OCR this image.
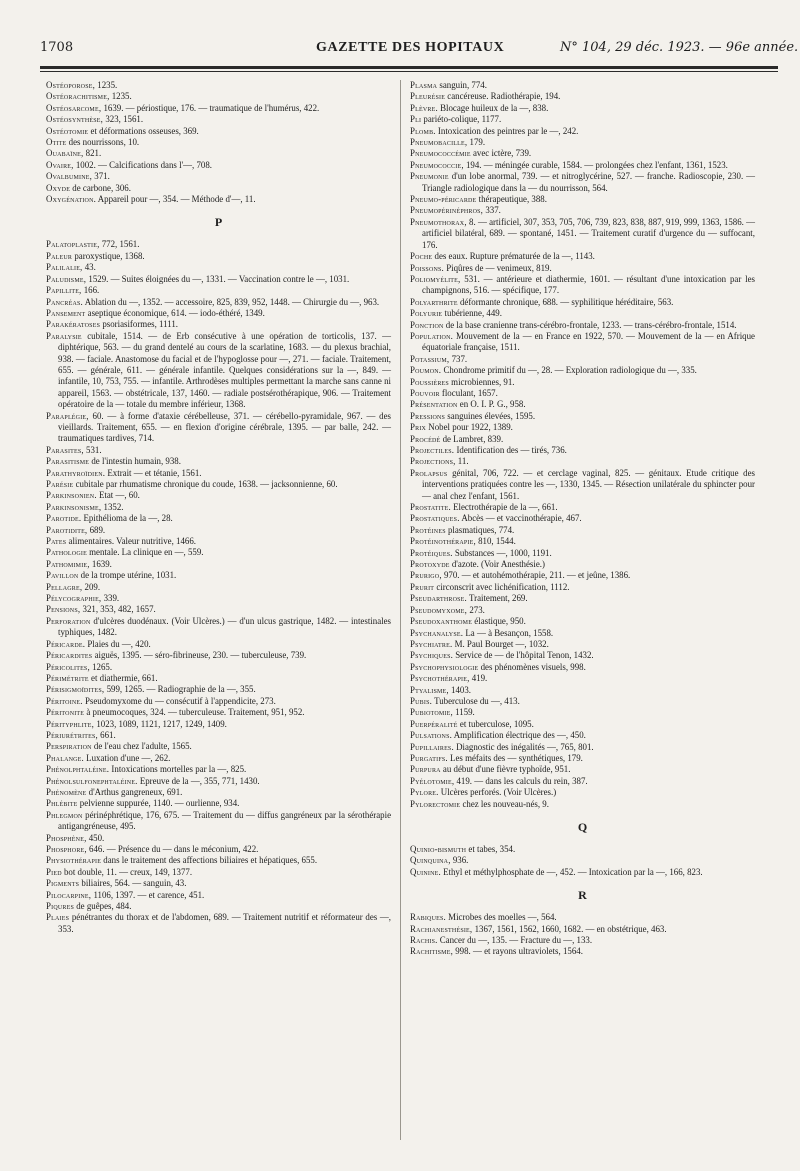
1708	GAZETTE DES HOPITAUX	N° 104, 29 déc. 1923. — 96e année.

Ostéoporose, 1235.

Ostéorachitisme, 1235.

Ostéosarcome, 1639. — périostique, 176. — traumatique de l'humérus, 422.

Ostéosynthèse, 323, 1561.

Ostéotomie et déformations osseuses, 369.

Otite des nourrissons, 10.

Ouabaïne, 821.

Ovaire, 1002. — Calcifications dans l'—, 708.

Ovalbumine, 371.

Oxyde de carbone, 306.

Oxygénation. Appareil pour —, 354. — Méthode d'—, 11.

P

Palatoplastie, 772, 1561.

Paleur paroxystique, 1368.

Palilalie, 43.

Paludisme, 1529. — Suites éloignées du —, 1331. — Vaccination contre le —, 1031.

Papillite, 166.

Pancréas. Ablation du —, 1352. — accessoire, 825, 839, 952, 1448. — Chirurgie du —, 963.

Pansement aseptique économique, 614. — iodo-éthéré, 1349.

Parakératoses psoriasiformes, 1111.

Paralysie cubitale, 1514. — de Erb consécutive à une opération de torticolis, 137. — diphtérique, 563. — du grand dentelé au cours de la scarlatine, 1683. — du plexus brachial, 938. — faciale. Anastomose du facial et de l'hypoglosse pour —, 271. — faciale. Traitement, 655. — générale, 611. — générale infantile. Quelques considérations sur la —, 849. — infantile, 10, 753, 755. — infantile. Arthrodèses multiples permettant la marche sans canne ni appareil, 1563. — obstétricale, 137, 1460. — radiale postsérothérapique, 906. — Traitement opératoire de la — totale du membre inférieur, 1368.

Paraplégie, 60. — à forme d'ataxie cérébelleuse, 371. — cérébello-pyramidale, 967. — des vieillards. Traitement, 655. — en flexion d'origine cérébrale, 1395. — par balle, 242. — traumatiques tardives, 714.

Parasites, 531.

Parasitisme de l'intestin humain, 938.

Parathyroïdien. Extrait — et tétanie, 1561.

Parésie cubitale par rhumatisme chronique du coude, 1638. — jacksonnienne, 60.

Parkinsonien. Etat —, 60.

Parkinsonisme, 1352.

Parotide. Epithélioma de la —, 28.

Parotidite, 689.

Pates alimentaires. Valeur nutritive, 1466.

Pathologie mentale. La clinique en —, 559.

Pathomimie, 1639.

Pavillon de la trompe utérine, 1031.

Pellagre, 209.

Pélycographie, 339.

Pensions, 321, 353, 482, 1657.

Perforation d'ulcères duodénaux. (Voir Ulcères.) — d'un ulcus gastrique, 1482. — intestinales typhiques, 1482.

Péricarde. Plaies du —, 420.

Péricardites aiguës, 1395. — séro-fibrineuse, 230. — tuberculeuse, 739.

Péricolites, 1265.

Périmétrite et diathermie, 661.

Périsigmoïdites, 599, 1265. — Radiographie de la —, 355.

Péritoine. Pseudomyxome du — consécutif à l'appendicite, 273.

Péritonite à pneumocoques, 324. — tuberculeuse. Traitement, 951, 952.

Pérityphlite, 1023, 1089, 1121, 1217, 1249, 1409.

Périurétrites, 661.

Perspiration de l'eau chez l'adulte, 1565.

Phalange. Luxation d'une —, 262.

Phénolphtaléine. Intoxications mortelles par la —, 825.

Phénolsulfonephtaléine. Epreuve de la —, 355, 771, 1430.

Phénomène d'Arthus gangreneux, 691.

Phlébite pelvienne suppurée, 1140. — ourlienne, 934.

Phlegmon périnéphrétique, 176, 675. — Traitement du — diffus gangréneux par la sérothérapie antigangréneuse, 495.

Phosphène, 450.

Phosphore, 646. — Présence du — dans le méconium, 422.

Physiothérapie dans le traitement des affections biliaires et hépatiques, 655.

Pied bot double, 11. — creux, 149, 1377.

Pigments biliaires, 564. — sanguin, 43.

Pilocarpine, 1106, 1397. — et carence, 451.

Piqures de guêpes, 484.

Plaies pénétrantes du thorax et de l'abdomen, 689. — Traitement nutritif et réformateur des —, 353.

Plasma sanguin, 774.

Pleurésie cancéreuse. Radiothérapie, 194.

Plèvre. Blocage huileux de la —, 838.

Pli pariéto-colique, 1177.

Plomb. Intoxication des peintres par le —, 242.

Pneumobacille, 179.

Pneumococcémie avec ictère, 739.

Pneumococcie, 194. — méningée curable, 1584. — prolongées chez l'enfant, 1361, 1523.

Pneumonie d'un lobe anormal, 739. — et nitroglycérine, 527. — franche. Radioscopie, 230. — Triangle radiologique dans la — du nourrisson, 564.

Pneumo-péricarde thérapeutique, 388.

Pneumopérinéphros, 337.

Pneumothorax, 8. — artificiel, 307, 353, 705, 706, 739, 823, 838, 887, 919, 999, 1363, 1586. — artificiel bilatéral, 689. — spontané, 1451. — Traitement curatif d'urgence du — suffocant, 176.

Poche des eaux. Rupture prématurée de la —, 1143.

Poissons. Piqûres de — venimeux, 819.

Poliomyélite, 531. — antérieure et diathermie, 1601. — résultant d'une intoxication par les champignons, 516. — spécifique, 177.

Polyarthrite déformante chronique, 688. — syphilitique héréditaire, 563.

Polyurie tubérienne, 449.

Ponction de la base cranienne trans-cérébro-frontale, 1233. — trans-cérébro-frontale, 1514.

Population. Mouvement de la — en France en 1922, 570. — Mouvement de la — en Afrique équatoriale française, 1511.

Potassium, 737.

Poumon. Chondrome primitif du —, 28. — Exploration radiologique du —, 335.

Poussières microbiennes, 91.

Pouvoir floculant, 1657.

Présentation en O. I. P. G., 958.

Pressions sanguines élevées, 1595.

Prix Nobel pour 1922, 1389.

Procédé de Lambret, 839.

Projectiles. Identification des — tirés, 736.

Projections, 11.

Prolapsus génital, 706, 722. — et cerclage vaginal, 825. — génitaux. Etude critique des interventions pratiquées contre les —, 1330, 1345. — Résection unilatérale du sphincter pour — anal chez l'enfant, 1561.

Prostatite. Electrothérapie de la —, 661.

Prostatiques. Abcès — et vaccinothérapie, 467.

Protéines plasmatiques, 774.

Protéinothérapie, 810, 1544.

Protéiques. Substances —, 1000, 1191.

Protoxyde d'azote. (Voir Anesthésie.)

Prurigo, 970. — et autohémothérapie, 211. — et jeûne, 1386.

Prurit circonscrit avec lichénification, 1112.

Pseudarthrose. Traitement, 269.

Pseudomyxome, 273.

Pseudoxanthome élastique, 950.

Psychanalyse. La — à Besançon, 1558.

Psychiatre. M. Paul Bourget —, 1032.

Psychiques. Service de — de l'hôpital Tenon, 1432.

Psychophysiologie des phénomènes visuels, 998.

Psychothérapie, 419.

Ptyalisme, 1403.

Pubis. Tuberculose du —, 413.

Pubiotomie, 1159.

Puerpéralité et tuberculose, 1095.

Pulsations. Amplification électrique des —, 450.

Pupillaires. Diagnostic des inégalités —, 765, 801.

Purgatifs. Les méfaits des — synthétiques, 179.

Purpura au début d'une fièvre typhoïde, 951.

Pyélotomie, 419. — dans les calculs du rein, 387.

Pylore. Ulcères perforés. (Voir Ulcères.)

Pylorectomie chez les nouveau-nés, 9.

Q

Quinio-bismuth et tabes, 354.

Quinquina, 936.

Quinine. Ethyl et méthylphosphate de —, 452. — Intoxication par la —, 166, 823.

R

Rabiques. Microbes des moelles —, 564.

Rachianesthésie, 1367, 1561, 1562, 1660, 1682. — en obstétrique, 463.

Rachis. Cancer du —, 135. — Fracture du —, 133.

Rachitisme, 998. — et rayons ultraviolets, 1564.
